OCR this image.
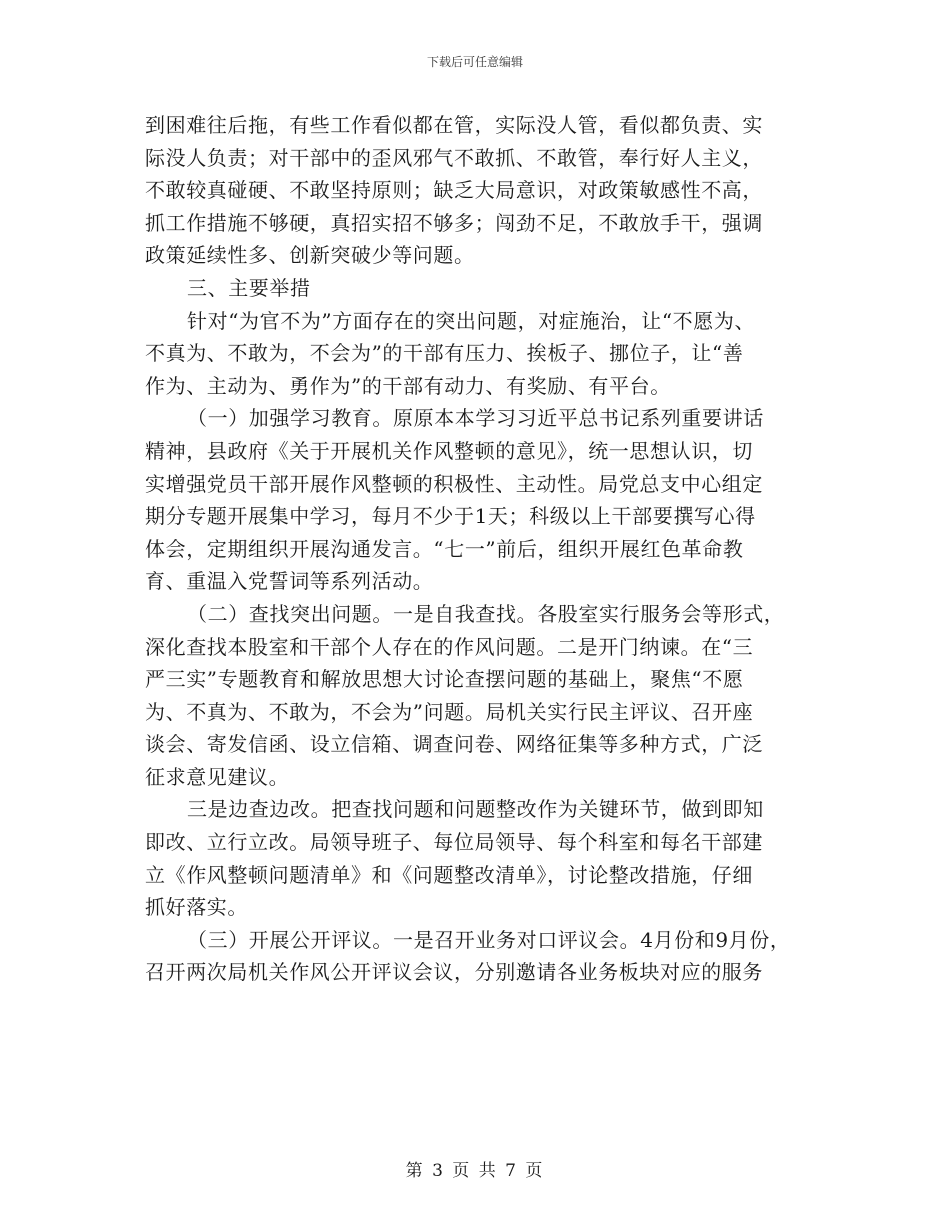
下载后可任意编辑
到困难往后拖，有些工作看似都在管，实际没人管，看似都负责、实
际没人负责；对干部中的歪风邪气不敢抓、不敢管，奉行好人主义，
不敢较真碰硬、不敢坚持原则；缺乏大局意识，对政策敏感性不高，
抓工作措施不够硬，真招实招不够多；闯劲不足，不敢放手干，强调
政策延续性多、创新突破少等问题。
三、主要举措
针对“为官不为”方面存在的突出问题，对症施治，让“不愿为、
不真为、不敢为，不会为”的干部有压力、挨板子、挪位子，让“善
作为、主动为、勇作为”的干部有动力、有奖励、有平台。
（一）加强学习教育。原原本本学习习近平总书记系列重要讲话
精神，县政府《关于开展机关作风整顿的意见》，统一思想认识，切
实增强党员干部开展作风整顿的积极性、主动性。局党总支中心组定
期分专题开展集中学习，每月不少于1天；科级以上干部要撰写心得
体会，定期组织开展沟通发言。“七一”前后，组织开展红色革命教
育、重温入党誓词等系列活动。
（二）查找突出问题。一是自我查找。各股室实行服务会等形式，
深化查找本股室和干部个人存在的作风问题。二是开门纳谏。在“三
严三实”专题教育和解放思想大讨论查摆问题的基础上，聚焦“不愿
为、不真为、不敢为，不会为”问题。局机关实行民主评议、召开座
谈会、寄发信函、设立信箱、调查问卷、网络征集等多种方式，广泛
征求意见建议。
三是边查边改。把查找问题和问题整改作为关键环节，做到即知
即改、立行立改。局领导班子、每位局领导、每个科室和每名干部建
立《作风整顿问题清单》和《问题整改清单》，讨论整改措施，仔细
抓好落实。
（三）开展公开评议。一是召开业务对口评议会。4月份和9月份，
召开两次局机关作风公开评议会议，分别邀请各业务板块对应的服务
第 3 页 共 7 页
